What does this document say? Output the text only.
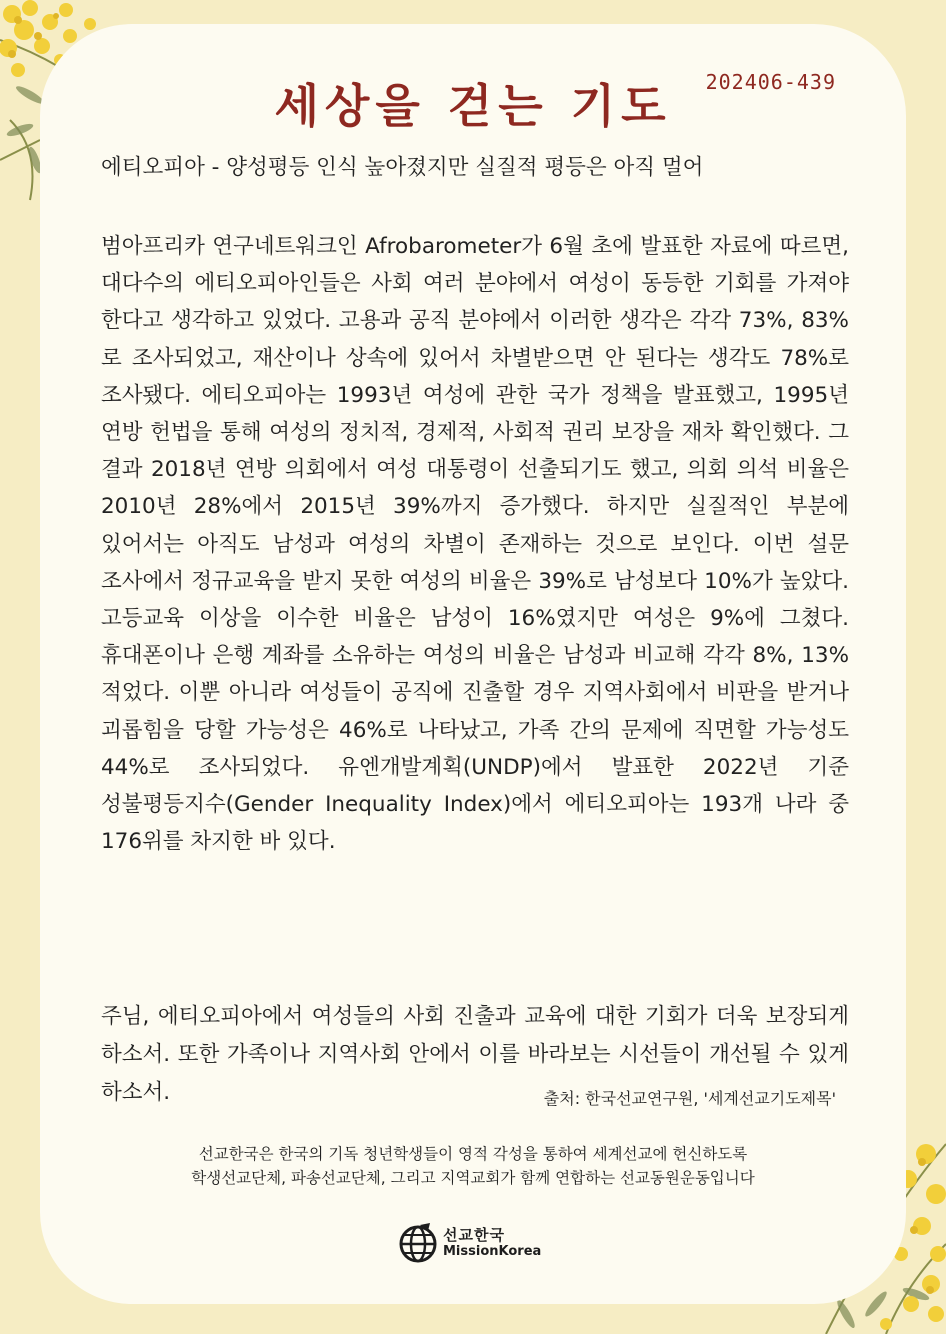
세상을 걷는 기도	202406-439

에티오피아 - 양성평등 인식 높아졌지만 실질적 평등은 아직 멀어

범아프리카 연구네트워크인 Afrobarometer가 6월 초에 발표한 자료에 따르면, 대다수의 에티오피아인들은 사회 여러 분야에서 여성이 동등한 기회를 가져야 한다고 생각하고 있었다. 고용과 공직 분야에서 이러한 생각은 각각 73%, 83%로 조사되었고, 재산이나 상속에 있어서 차별받으면 안 된다는 생각도 78%로 조사됐다. 에티오피아는 1993년 여성에 관한 국가 정책을 발표했고, 1995년 연방 헌법을 통해 여성의 정치적, 경제적, 사회적 권리 보장을 재차 확인했다. 그 결과 2018년 연방 의회에서 여성 대통령이 선출되기도 했고, 의회 의석 비율은 2010년 28%에서 2015년 39%까지 증가했다. 하지만 실질적인 부분에 있어서는 아직도 남성과 여성의 차별이 존재하는 것으로 보인다. 이번 설문 조사에서 정규교육을 받지 못한 여성의 비율은 39%로 남성보다 10%가 높았다. 고등교육 이상을 이수한 비율은 남성이 16%였지만 여성은 9%에 그쳤다. 휴대폰이나 은행 계좌를 소유하는 여성의 비율은 남성과 비교해 각각 8%, 13% 적었다. 이뿐 아니라 여성들이 공직에 진출할 경우 지역사회에서 비판을 받거나 괴롭힘을 당할 가능성은 46%로 나타났고, 가족 간의 문제에 직면할 가능성도 44%로 조사되었다. 유엔개발계획(UNDP)에서 발표한 2022년 기준 성불평등지수(Gender Inequality Index)에서 에티오피아는 193개 나라 중 176위를 차지한 바 있다.

주님, 에티오피아에서 여성들의 사회 진출과 교육에 대한 기회가 더욱 보장되게 하소서. 또한 가족이나 지역사회 안에서 이를 바라보는 시선들이 개선될 수 있게 하소서.	출처: 한국선교연구원, '세계선교기도제목'
선교한국은 한국의 기독 청년학생들이 영적 각성을 통하여 세계선교에 헌신하도록
학생선교단체, 파송선교단체, 그리고 지역교회가 함께 연합하는 선교동원운동입니다
선교한국
MissionKorea
